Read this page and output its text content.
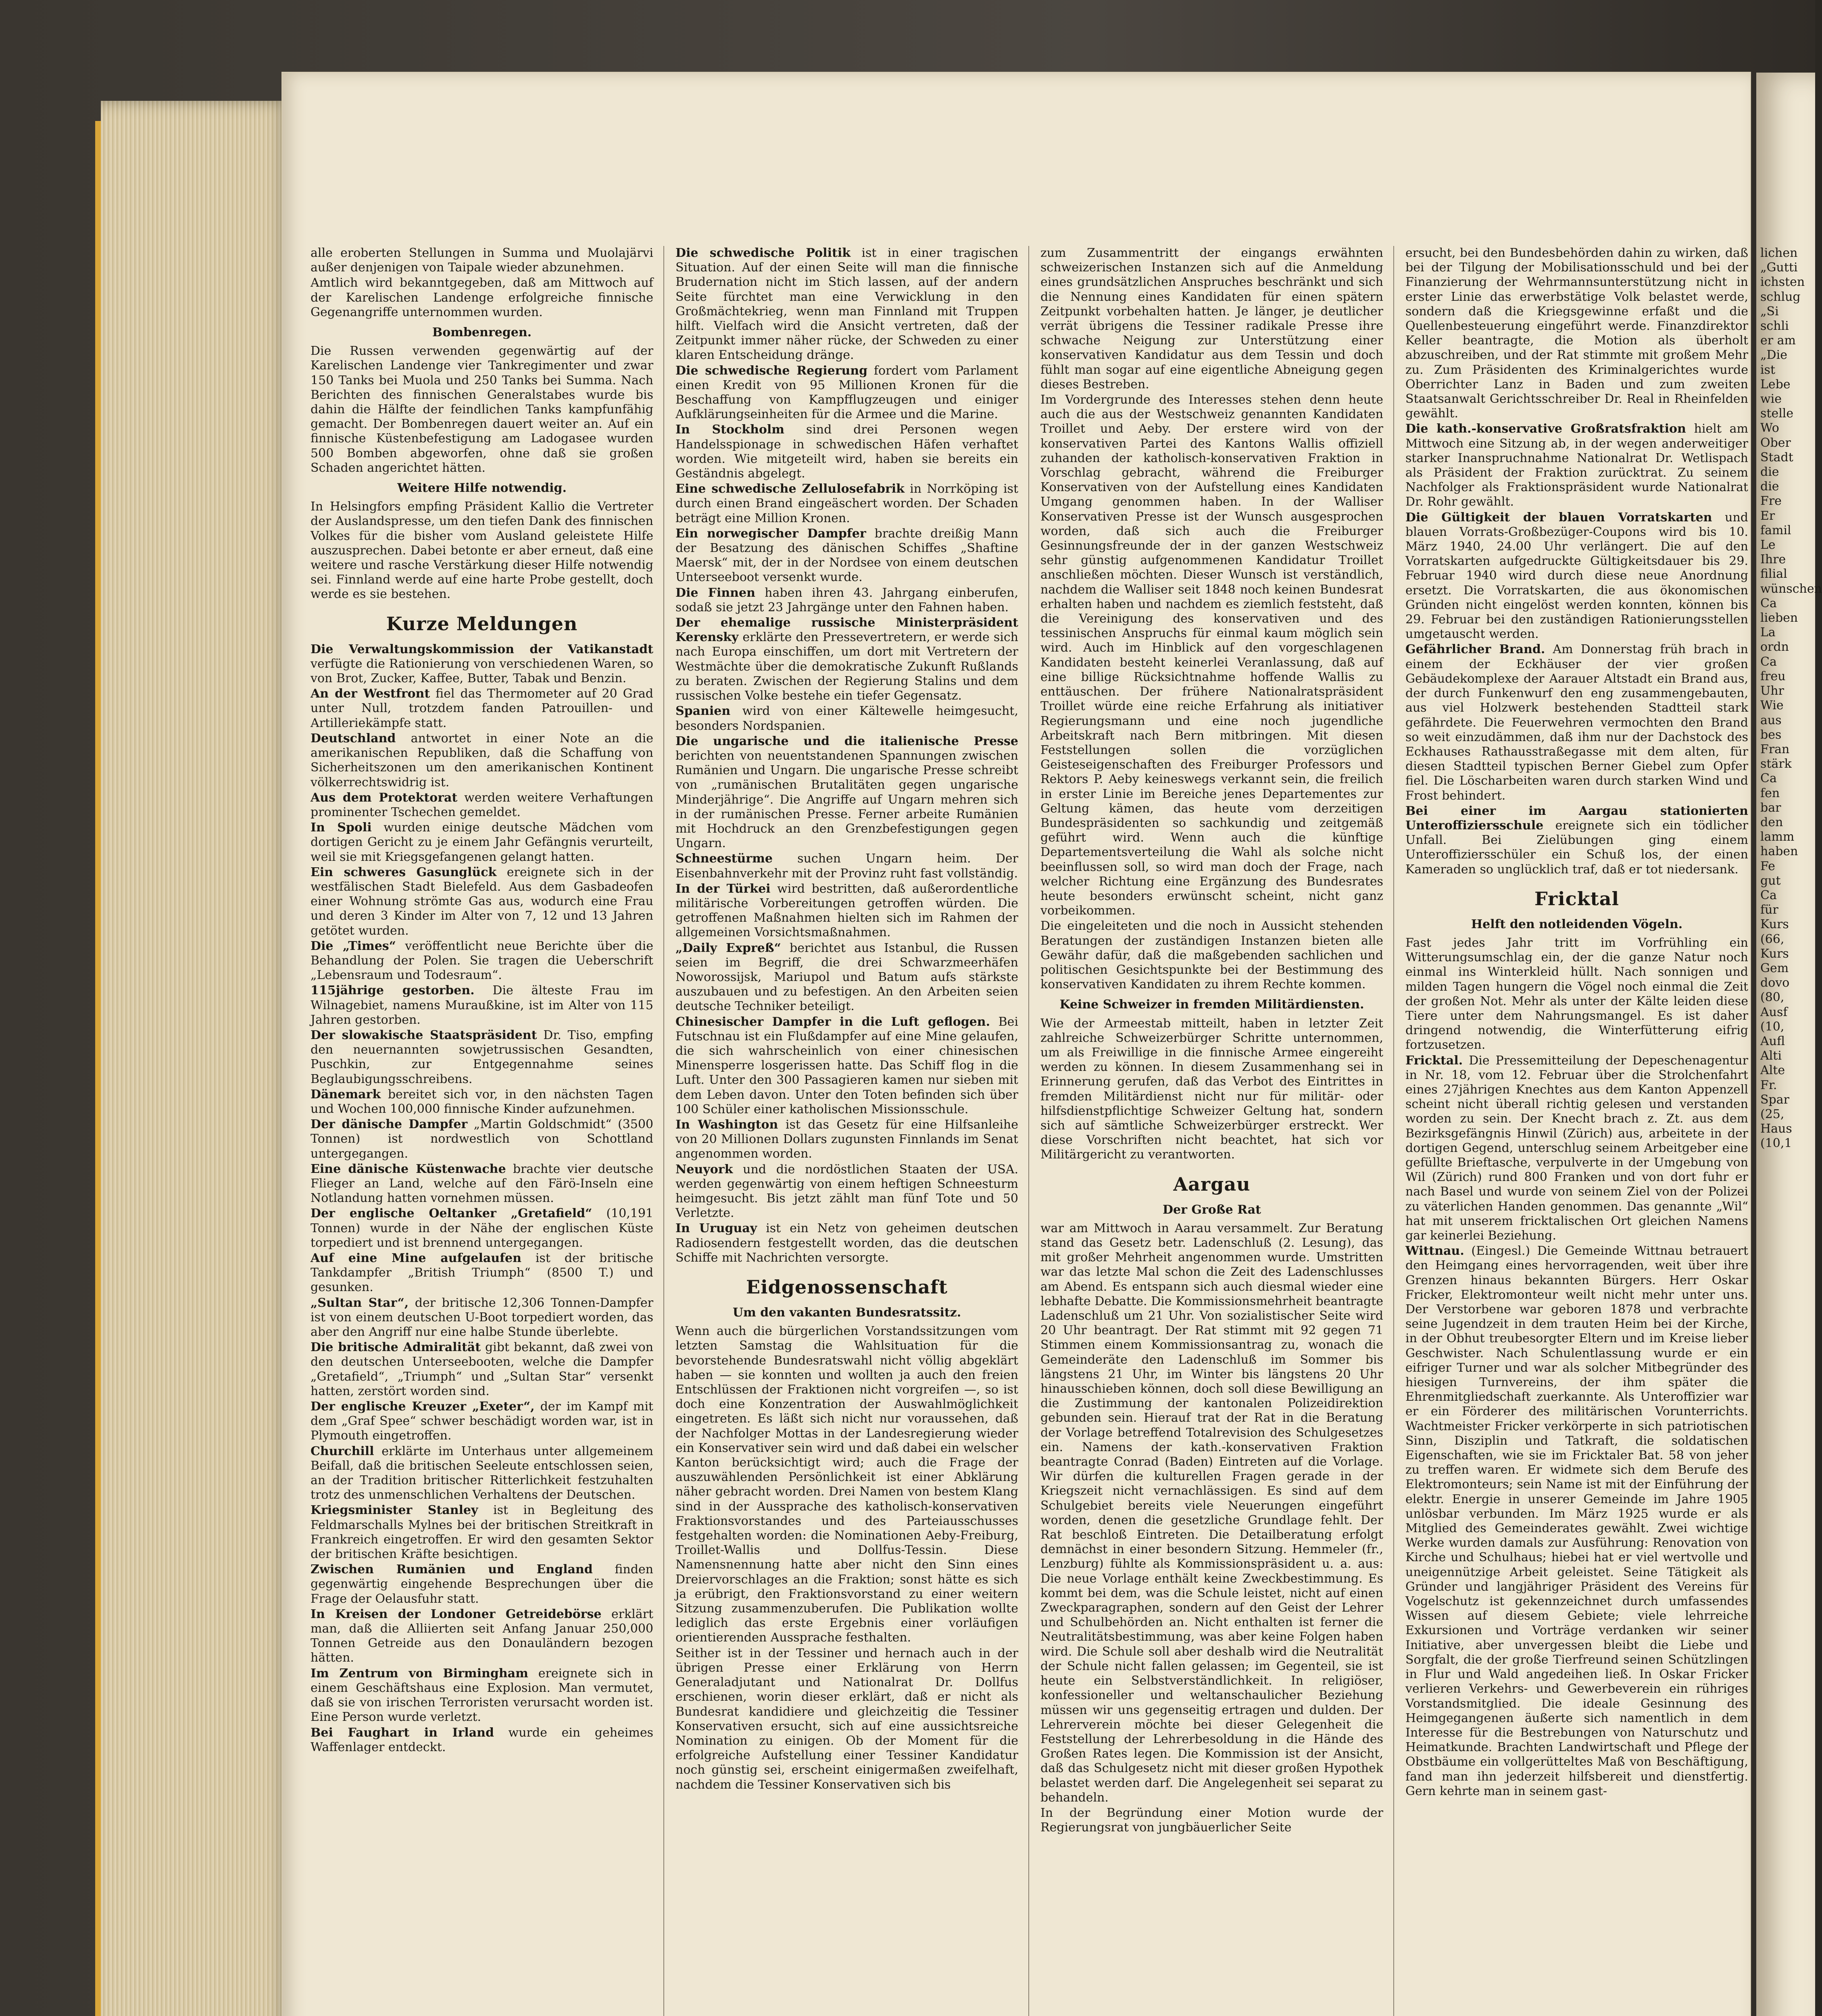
alle eroberten Stellungen in Summa und Muolajärvi außer denjenigen von Taipale wieder abzunehmen.

Amtlich wird bekanntgegeben, daß am Mittwoch auf der Karelischen Landenge erfolgreiche finnische Gegenangriffe unternommen wurden.

Bombenregen.

Die Russen verwenden gegenwärtig auf der Karelischen Landenge vier Tankregimenter und zwar 150 Tanks bei Muola und 250 Tanks bei Summa. Nach Berichten des finnischen Generalstabes wurde bis dahin die Hälfte der feindlichen Tanks kampfunfähig gemacht. Der Bombenregen dauert weiter an. Auf ein finnische Küstenbefestigung am Ladogasee wurden 500 Bomben abgeworfen, ohne daß sie großen Schaden angerichtet hätten.

Weitere Hilfe notwendig.

In Helsingfors empfing Präsident Kallio die Vertreter der Auslandspresse, um den tiefen Dank des finnischen Volkes für die bisher vom Ausland geleistete Hilfe auszusprechen. Dabei betonte er aber erneut, daß eine weitere und rasche Verstärkung dieser Hilfe notwendig sei. Finnland werde auf eine harte Probe gestellt, doch werde es sie bestehen.

Kurze Meldungen

Die Verwaltungskommission der Vatikanstadt verfügte die Rationierung von verschiedenen Waren, so von Brot, Zucker, Kaffee, Butter, Tabak und Benzin.

An der Westfront fiel das Thermometer auf 20 Grad unter Null, trotzdem fanden Patrouillen- und Artilleriekämpfe statt.

Deutschland antwortet in einer Note an die amerikanischen Republiken, daß die Schaffung von Sicherheitszonen um den amerikanischen Kontinent völkerrechtswidrig ist.

Aus dem Protektorat werden weitere Verhaftungen prominenter Tschechen gemeldet.

In Spoli wurden einige deutsche Mädchen vom dortigen Gericht zu je einem Jahr Gefängnis verurteilt, weil sie mit Kriegsgefangenen gelangt hatten.

Ein schweres Gasunglück ereignete sich in der westfälischen Stadt Bielefeld. Aus dem Gasbadeofen einer Wohnung strömte Gas aus, wodurch eine Frau und deren 3 Kinder im Alter von 7, 12 und 13 Jahren getötet wurden.

Die „Times“ veröffentlicht neue Berichte über die Behandlung der Polen. Sie tragen die Ueberschrift „Lebensraum und Todesraum“.

115jährige gestorben. Die älteste Frau im Wilnagebiet, namens Muraußkine, ist im Alter von 115 Jahren gestorben.

Der slowakische Staatspräsident Dr. Tiso, empfing den neuernannten sowjetrussischen Gesandten, Puschkin, zur Entgegennahme seines Beglaubigungsschreibens.

Dänemark bereitet sich vor, in den nächsten Tagen und Wochen 100,000 finnische Kinder aufzunehmen.

Der dänische Dampfer „Martin Goldschmidt“ (3500 Tonnen) ist nordwestlich von Schottland untergegangen.

Eine dänische Küstenwache brachte vier deutsche Flieger an Land, welche auf den Färö-Inseln eine Notlandung hatten vornehmen müssen.

Der englische Oeltanker „Gretafield“ (10,191 Tonnen) wurde in der Nähe der englischen Küste torpediert und ist brennend untergegangen.

Auf eine Mine aufgelaufen ist der britische Tankdampfer „British Triumph“ (8500 T.) und gesunken.

„Sultan Star“, der britische 12,306 Tonnen-Dampfer ist von einem deutschen U-Boot torpediert worden, das aber den Angriff nur eine halbe Stunde überlebte.

Die britische Admiralität gibt bekannt, daß zwei von den deutschen Unterseebooten, welche die Dampfer „Gretafield“, „Triumph“ und „Sultan Star“ versenkt hatten, zerstört worden sind.

Der englische Kreuzer „Exeter“, der im Kampf mit dem „Graf Spee“ schwer beschädigt worden war, ist in Plymouth eingetroffen.

Churchill erklärte im Unterhaus unter allgemeinem Beifall, daß die britischen Seeleute entschlossen seien, an der Tradition britischer Ritterlichkeit festzuhalten trotz des unmenschlichen Verhaltens der Deutschen.

Kriegsminister Stanley ist in Begleitung des Feldmarschalls Mylnes bei der britischen Streitkraft in Frankreich eingetroffen. Er wird den gesamten Sektor der britischen Kräfte besichtigen.

Zwischen Rumänien und England finden gegenwärtig eingehende Besprechungen über die Frage der Oelausfuhr statt.

In Kreisen der Londoner Getreidebörse erklärt man, daß die Alliierten seit Anfang Januar 250,000 Tonnen Getreide aus den Donauländern bezogen hätten.

Im Zentrum von Birmingham ereignete sich in einem Geschäftshaus eine Explosion. Man vermutet, daß sie von irischen Terroristen verursacht worden ist. Eine Person wurde verletzt.

Bei Faughart in Irland wurde ein geheimes Waffenlager entdeckt.

Die schwedische Politik ist in einer tragischen Situation. Auf der einen Seite will man die finnische Brudernation nicht im Stich lassen, auf der andern Seite fürchtet man eine Verwicklung in den Großmächtekrieg, wenn man Finnland mit Truppen hilft. Vielfach wird die Ansicht vertreten, daß der Zeitpunkt immer näher rücke, der Schweden zu einer klaren Entscheidung dränge.

Die schwedische Regierung fordert vom Parlament einen Kredit von 95 Millionen Kronen für die Beschaffung von Kampfflugzeugen und einiger Aufklärungseinheiten für die Armee und die Marine.

In Stockholm sind drei Personen wegen Handelsspionage in schwedischen Häfen verhaftet worden. Wie mitgeteilt wird, haben sie bereits ein Geständnis abgelegt.

Eine schwedische Zellulosefabrik in Norrköping ist durch einen Brand eingeäschert worden. Der Schaden beträgt eine Million Kronen.

Ein norwegischer Dampfer brachte dreißig Mann der Besatzung des dänischen Schiffes „Shaftine Maersk“ mit, der in der Nordsee von einem deutschen Unterseeboot versenkt wurde.

Die Finnen haben ihren 43. Jahrgang einberufen, sodaß sie jetzt 23 Jahrgänge unter den Fahnen haben.

Der ehemalige russische Ministerpräsident Kerensky erklärte den Pressevertretern, er werde sich nach Europa einschiffen, um dort mit Vertretern der Westmächte über die demokratische Zukunft Rußlands zu beraten. Zwischen der Regierung Stalins und dem russischen Volke bestehe ein tiefer Gegensatz.

Spanien wird von einer Kältewelle heimgesucht, besonders Nordspanien.

Die ungarische und die italienische Presse berichten von neuentstandenen Spannungen zwischen Rumänien und Ungarn. Die ungarische Presse schreibt von „rumänischen Brutalitäten gegen ungarische Minderjährige“. Die Angriffe auf Ungarn mehren sich in der rumänischen Presse. Ferner arbeite Rumänien mit Hochdruck an den Grenzbefestigungen gegen Ungarn.

Schneestürme suchen Ungarn heim. Der Eisenbahnverkehr mit der Provinz ruht fast vollständig.

In der Türkei wird bestritten, daß außerordentliche militärische Vorbereitungen getroffen würden. Die getroffenen Maßnahmen hielten sich im Rahmen der allgemeinen Vorsichtsmaßnahmen.

„Daily Expreß“ berichtet aus Istanbul, die Russen seien im Begriff, die drei Schwarzmeerhäfen Noworossijsk, Mariupol und Batum aufs stärkste auszubauen und zu befestigen. An den Arbeiten seien deutsche Techniker beteiligt.

Chinesischer Dampfer in die Luft geflogen. Bei Futschnau ist ein Flußdampfer auf eine Mine gelaufen, die sich wahrscheinlich von einer chinesischen Minensperre losgerissen hatte. Das Schiff flog in die Luft. Unter den 300 Passagieren kamen nur sieben mit dem Leben davon. Unter den Toten befinden sich über 100 Schüler einer katholischen Missionsschule.

In Washington ist das Gesetz für eine Hilfsanleihe von 20 Millionen Dollars zugunsten Finnlands im Senat angenommen worden.

Neuyork und die nordöstlichen Staaten der USA. werden gegenwärtig von einem heftigen Schneesturm heimgesucht. Bis jetzt zählt man fünf Tote und 50 Verletzte.

In Uruguay ist ein Netz von geheimen deutschen Radiosendern festgestellt worden, das die deutschen Schiffe mit Nachrichten versorgte.

Eidgenossenschaft

Um den vakanten Bundesratssitz.

Wenn auch die bürgerlichen Vorstandssitzungen vom letzten Samstag die Wahlsituation für die bevorstehende Bundesratswahl nicht völlig abgeklärt haben — sie konnten und wollten ja auch den freien Entschlüssen der Fraktionen nicht vorgreifen —, so ist doch eine Konzentration der Auswahlmöglichkeit eingetreten. Es läßt sich nicht nur voraussehen, daß der Nachfolger Mottas in der Landesregierung wieder ein Konservativer sein wird und daß dabei ein welscher Kanton berücksichtigt wird; auch die Frage der auszuwählenden Persönlichkeit ist einer Abklärung näher gebracht worden. Drei Namen von bestem Klang sind in der Aussprache des katholisch-konservativen Fraktionsvorstandes und des Parteiausschusses festgehalten worden: die Nominationen Aeby-Freiburg, Troillet-Wallis und Dollfus-Tessin. Diese Namensnennung hatte aber nicht den Sinn eines Dreiervorschlages an die Fraktion; sonst hätte es sich ja erübrigt, den Fraktionsvorstand zu einer weitern Sitzung zusammenzuberufen. Die Publikation wollte lediglich das erste Ergebnis einer vorläufigen orientierenden Aussprache festhalten.

Seither ist in der Tessiner und hernach auch in der übrigen Presse einer Erklärung von Herrn Generaladjutant und Nationalrat Dr. Dollfus erschienen, worin dieser erklärt, daß er nicht als Bundesrat kandidiere und gleichzeitig die Tessiner Konservativen ersucht, sich auf eine aussichtsreiche Nomination zu einigen. Ob der Moment für die erfolgreiche Aufstellung einer Tessiner Kandidatur noch günstig sei, erscheint einigermaßen zweifelhaft, nachdem die Tessiner Konservativen sich bis

zum Zusammentritt der eingangs erwähnten schweizerischen Instanzen sich auf die Anmeldung eines grundsätzlichen Anspruches beschränkt und sich die Nennung eines Kandidaten für einen spätern Zeitpunkt vorbehalten hatten. Je länger, je deutlicher verrät übrigens die Tessiner radikale Presse ihre schwache Neigung zur Unterstützung einer konservativen Kandidatur aus dem Tessin und doch fühlt man sogar auf eine eigentliche Abneigung gegen dieses Bestreben.

Im Vordergrunde des Interesses stehen denn heute auch die aus der Westschweiz genannten Kandidaten Troillet und Aeby. Der erstere wird von der konservativen Partei des Kantons Wallis offiziell zuhanden der katholisch-konservativen Fraktion in Vorschlag gebracht, während die Freiburger Konservativen von der Aufstellung eines Kandidaten Umgang genommen haben. In der Walliser Konservativen Presse ist der Wunsch ausgesprochen worden, daß sich auch die Freiburger Gesinnungsfreunde der in der ganzen Westschweiz sehr günstig aufgenommenen Kandidatur Troillet anschließen möchten. Dieser Wunsch ist verständlich, nachdem die Walliser seit 1848 noch keinen Bundesrat erhalten haben und nachdem es ziemlich feststeht, daß die Vereinigung des konservativen und des tessinischen Anspruchs für einmal kaum möglich sein wird. Auch im Hinblick auf den vorgeschlagenen Kandidaten besteht keinerlei Veranlassung, daß auf eine billige Rücksichtnahme hoffende Wallis zu enttäuschen. Der frühere Nationalratspräsident Troillet würde eine reiche Erfahrung als initiativer Regierungsmann und eine noch jugendliche Arbeitskraft nach Bern mitbringen. Mit diesen Feststellungen sollen die vorzüglichen Geisteseigenschaften des Freiburger Professors und Rektors P. Aeby keineswegs verkannt sein, die freilich in erster Linie im Bereiche jenes Departementes zur Geltung kämen, das heute vom derzeitigen Bundespräsidenten so sachkundig und zeitgemäß geführt wird. Wenn auch die künftige Departementsverteilung die Wahl als solche nicht beeinflussen soll, so wird man doch der Frage, nach welcher Richtung eine Ergänzung des Bundesrates heute besonders erwünscht scheint, nicht ganz vorbeikommen.

Die eingeleiteten und die noch in Aussicht stehenden Beratungen der zuständigen Instanzen bieten alle Gewähr dafür, daß die maßgebenden sachlichen und politischen Gesichtspunkte bei der Bestimmung des konservativen Kandidaten zu ihrem Rechte kommen.

Keine Schweizer in fremden Militärdiensten.

Wie der Armeestab mitteilt, haben in letzter Zeit zahlreiche Schweizerbürger Schritte unternommen, um als Freiwillige in die finnische Armee eingereiht werden zu können. In diesem Zusammenhang sei in Erinnerung gerufen, daß das Verbot des Eintrittes in fremden Militärdienst nicht nur für militär- oder hilfsdienstpflichtige Schweizer Geltung hat, sondern sich auf sämtliche Schweizerbürger erstreckt. Wer diese Vorschriften nicht beachtet, hat sich vor Militärgericht zu verantworten.

Aargau

Der Große Rat

war am Mittwoch in Aarau versammelt. Zur Beratung stand das Gesetz betr. Ladenschluß (2. Lesung), das mit großer Mehrheit angenommen wurde. Umstritten war das letzte Mal schon die Zeit des Ladenschlusses am Abend. Es entspann sich auch diesmal wieder eine lebhafte Debatte. Die Kommissionsmehrheit beantragte Ladenschluß um 21 Uhr. Von sozialistischer Seite wird 20 Uhr beantragt. Der Rat stimmt mit 92 gegen 71 Stimmen einem Kommissionsantrag zu, wonach die Gemeinderäte den Ladenschluß im Sommer bis längstens 21 Uhr, im Winter bis längstens 20 Uhr hinausschieben können, doch soll diese Bewilligung an die Zustimmung der kantonalen Polizeidirektion gebunden sein. Hierauf trat der Rat in die Beratung der Vorlage betreffend Totalrevision des Schulgesetzes ein. Namens der kath.-konservativen Fraktion beantragte Conrad (Baden) Eintreten auf die Vorlage. Wir dürfen die kulturellen Fragen gerade in der Kriegszeit nicht vernachlässigen. Es sind auf dem Schulgebiet bereits viele Neuerungen eingeführt worden, denen die gesetzliche Grundlage fehlt. Der Rat beschloß Eintreten. Die Detailberatung erfolgt demnächst in einer besondern Sitzung. Hemmeler (fr., Lenzburg) fühlte als Kommissionspräsident u. a. aus: Die neue Vorlage enthält keine Zweckbestimmung. Es kommt bei dem, was die Schule leistet, nicht auf einen Zweckparagraphen, sondern auf den Geist der Lehrer und Schulbehörden an. Nicht enthalten ist ferner die Neutralitätsbestimmung, was aber keine Folgen haben wird. Die Schule soll aber deshalb wird die Neutralität der Schule nicht fallen gelassen; im Gegenteil, sie ist heute ein Selbstverständlichkeit. In religiöser, konfessioneller und weltanschaulicher Beziehung müssen wir uns gegenseitig ertragen und dulden. Der Lehrerverein möchte bei dieser Gelegenheit die Feststellung der Lehrerbesoldung in die Hände des Großen Rates legen. Die Kommission ist der Ansicht, daß das Schulgesetz nicht mit dieser großen Hypothek belastet werden darf. Die Angelegenheit sei separat zu behandeln.

In der Begründung einer Motion wurde der Regierungsrat von jungbäuerlicher Seite

ersucht, bei den Bundesbehörden dahin zu wirken, daß bei der Tilgung der Mobilisationsschuld und bei der Finanzierung der Wehrmannsunterstützung nicht in erster Linie das erwerbstätige Volk belastet werde, sondern daß die Kriegsgewinne erfaßt und die Quellenbesteuerung eingeführt werde. Finanzdirektor Keller beantragte, die Motion als überholt abzuschreiben, und der Rat stimmte mit großem Mehr zu. Zum Präsidenten des Kriminalgerichtes wurde Oberrichter Lanz in Baden und zum zweiten Staatsanwalt Gerichtsschreiber Dr. Real in Rheinfelden gewählt.

Die kath.-konservative Großratsfraktion hielt am Mittwoch eine Sitzung ab, in der wegen anderweitiger starker Inanspruchnahme Nationalrat Dr. Wetlispach als Präsident der Fraktion zurücktrat. Zu seinem Nachfolger als Fraktionspräsident wurde Nationalrat Dr. Rohr gewählt.

Die Gültigkeit der blauen Vorratskarten und blauen Vorrats-Großbezüger-Coupons wird bis 10. März 1940, 24.00 Uhr verlängert. Die auf den Vorratskarten aufgedruckte Gültigkeitsdauer bis 29. Februar 1940 wird durch diese neue Anordnung ersetzt. Die Vorratskarten, die aus ökonomischen Gründen nicht eingelöst werden konnten, können bis 29. Februar bei den zuständigen Rationierungsstellen umgetauscht werden.

Gefährlicher Brand. Am Donnerstag früh brach in einem der Eckhäuser der vier großen Gebäudekomplexe der Aarauer Altstadt ein Brand aus, der durch Funkenwurf den eng zusammengebauten, aus viel Holzwerk bestehenden Stadtteil stark gefährdete. Die Feuerwehren vermochten den Brand so weit einzudämmen, daß ihm nur der Dachstock des Eckhauses Rathausstraßegasse mit dem alten, für diesen Stadtteil typischen Berner Giebel zum Opfer fiel. Die Löscharbeiten waren durch starken Wind und Frost behindert.

Bei einer im Aargau stationierten Unteroffiziersschule ereignete sich ein tödlicher Unfall. Bei Zielübungen ging einem Unteroffiziersschüler ein Schuß los, der einen Kameraden so unglücklich traf, daß er tot niedersank.

Fricktal

Helft den notleidenden Vögeln.

Fast jedes Jahr tritt im Vorfrühling ein Witterungsumschlag ein, der die ganze Natur noch einmal ins Winterkleid hüllt. Nach sonnigen und milden Tagen hungern die Vögel noch einmal die Zeit der großen Not. Mehr als unter der Kälte leiden diese Tiere unter dem Nahrungsmangel. Es ist daher dringend notwendig, die Winterfütterung eifrig fortzusetzen.

Fricktal. Die Pressemitteilung der Depeschenagentur in Nr. 18, vom 12. Februar über die Strolchenfahrt eines 27jährigen Knechtes aus dem Kanton Appenzell scheint nicht überall richtig gelesen und verstanden worden zu sein. Der Knecht brach z. Zt. aus dem Bezirksgefängnis Hinwil (Zürich) aus, arbeitete in der dortigen Gegend, unterschlug seinem Arbeitgeber eine gefüllte Brieftasche, verpulverte in der Umgebung von Wil (Zürich) rund 800 Franken und von dort fuhr er nach Basel und wurde von seinem Ziel von der Polizei zu väterlichen Handen genommen. Das genannte „Wil“ hat mit unserem fricktalischen Ort gleichen Namens gar keinerlei Beziehung.

Wittnau. (Eingesl.) Die Gemeinde Wittnau betrauert den Heimgang eines hervorragenden, weit über ihre Grenzen hinaus bekannten Bürgers. Herr Oskar Fricker, Elektromonteur weilt nicht mehr unter uns. Der Verstorbene war geboren 1878 und verbrachte seine Jugendzeit in dem trauten Heim bei der Kirche, in der Obhut treubesorgter Eltern und im Kreise lieber Geschwister. Nach Schulentlassung wurde er ein eifriger Turner und war als solcher Mitbegründer des hiesigen Turnvereins, der ihm später die Ehrenmitgliedschaft zuerkannte. Als Unteroffizier war er ein Förderer des militärischen Vorunterrichts. Wachtmeister Fricker verkörperte in sich patriotischen Sinn, Disziplin und Tatkraft, die soldatischen Eigenschaften, wie sie im Fricktaler Bat. 58 von jeher zu treffen waren. Er widmete sich dem Berufe des Elektromonteurs; sein Name ist mit der Einführung der elektr. Energie in unserer Gemeinde im Jahre 1905 unlösbar verbunden. Im März 1925 wurde er als Mitglied des Gemeinderates gewählt. Zwei wichtige Werke wurden damals zur Ausführung: Renovation von Kirche und Schulhaus; hiebei hat er viel wertvolle und uneigennützige Arbeit geleistet. Seine Tätigkeit als Gründer und langjähriger Präsident des Vereins für Vogelschutz ist gekennzeichnet durch umfassendes Wissen auf diesem Gebiete; viele lehrreiche Exkursionen und Vorträge verdanken wir seiner Initiative, aber unvergessen bleibt die Liebe und Sorgfalt, die der große Tierfreund seinen Schützlingen in Flur und Wald angedeihen ließ. In Oskar Fricker verlieren Verkehrs- und Gewerbeverein ein rühriges Vorstandsmitglied. Die ideale Gesinnung des Heimgegangenen äußerte sich namentlich in dem Interesse für die Bestrebungen von Naturschutz und Heimatkunde. Brachten Landwirtschaft und Pflege der Obstbäume ein vollgerütteltes Maß von Beschäftigung, fand man ihn jederzeit hilfsbereit und dienstfertig. Gern kehrte man in seinem gast-

lichen
„Gutti
ichsten
schlug
„Si
schli
er am
„Die
ist
Lebe
wie
stelle
Wo
Ober
Stadt
die
die
Fre
Er
famil
Le
Ihre
filial
wünschen
Ca
lieben
La
ordn
Ca
freu
Uhr
Wie
aus
bes
Fran
stärk
Ca
fen
bar
den
lamm
haben
Fe
gut
Ca
für
Kurs
(66,
Kurs
Gem
dovo
(80,
Ausf
(10,
Aufl
Alti
Alte
Fr.
Spar
(25,
Haus
(10,1
